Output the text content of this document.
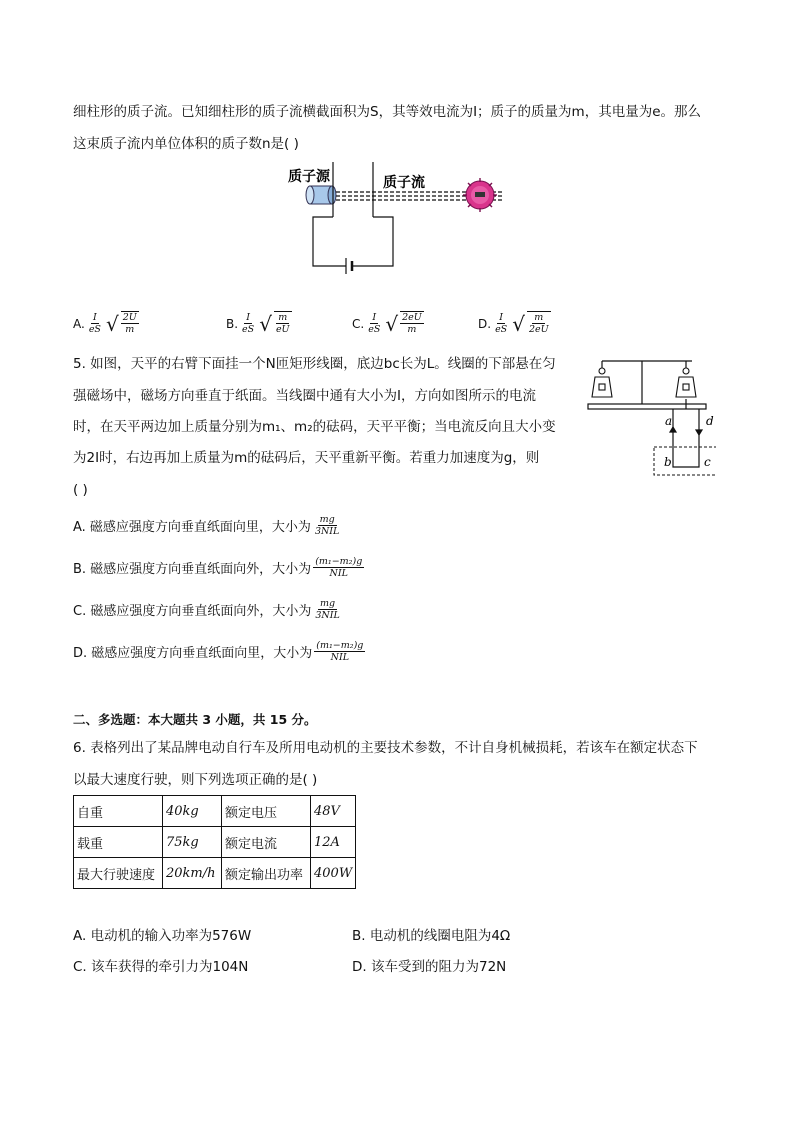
细柱形的质子流。已知细柱形的质子流横截面积为S，其等效电流为I；质子的质量为m，其电量为e。那么
这束质子流内单位体积的质子数n是( )
质子源	质子流
A. $\frac{I}{eS}$ √ $\frac{2U}{m}$	B. $\frac{I}{eS}$ √ $\frac{m}{eU}$	C. $\frac{I}{eS}$ √ $\frac{2eU}{m}$	D. $\frac{I}{eS}$ √ $\frac{m}{2eU}$
5. 如图，天平的右臂下面挂一个N匝矩形线圈，底边bc长为L。线圈的下部悬在匀
强磁场中，磁场方向垂直于纸面。当线圈中通有大小为I，方向如图所示的电流
时，在天平两边加上质量分别为m₁、m₂的砝码，天平平衡；当电流反向且大小变
为2I时，右边再加上质量为m的砝码后，天平重新平衡。若重力加速度为g，则
( )
a	d
b	c
A. 磁感应强度方向垂直纸面向里，大小为 $\frac{mg}{\text{3NIL}}$
B. 磁感应强度方向垂直纸面向外，大小为 $\frac{\text{(m₁−m₂)g}}{\text{NIL}}$
C. 磁感应强度方向垂直纸面向外，大小为 $\frac{mg}{\text{3NIL}}$
D. 磁感应强度方向垂直纸面向里，大小为 $\frac{\text{(m₁−m₂)g}}{\text{NIL}}$
二、多选题：本大题共 3 小题，共 15 分。
6. 表格列出了某品牌电动自行车及所用电动机的主要技术参数，不计自身机械损耗，若该车在额定状态下
以最大速度行驶，则下列选项正确的是( )
自重	40kg	额定电压	48V
载重	75kg	额定电流	12A
最大行驶速度	20km/h	额定输出功率	400W
A. 电动机的输入功率为576W	B. 电动机的线圈电阻为4Ω
C. 该车获得的牵引力为104N	D. 该车受到的阻力为72N
